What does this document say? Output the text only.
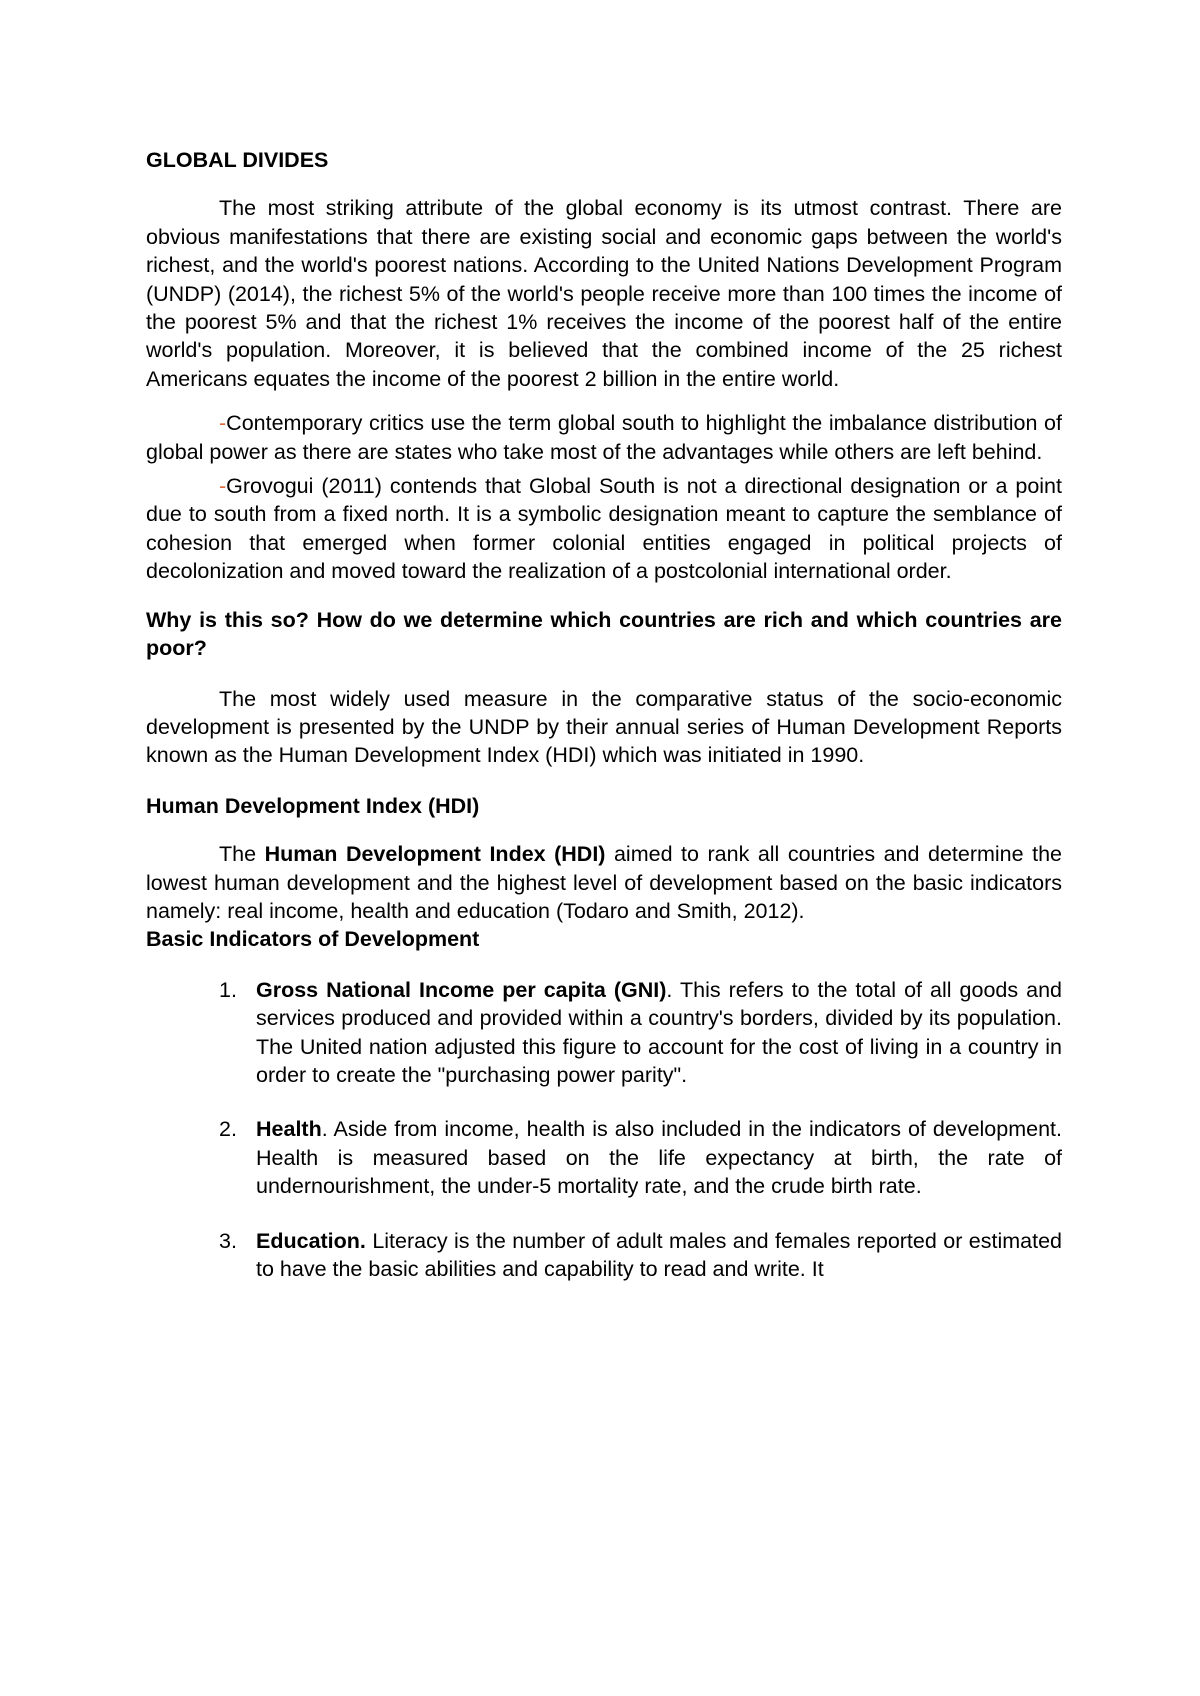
GLOBAL DIVIDES

The most striking attribute of the global economy is its utmost contrast. There are obvious manifestations that there are existing social and economic gaps between the world's richest, and the world's poorest nations. According to the United Nations Development Program (UNDP) (2014), the richest 5% of the world's people receive more than 100 times the income of the poorest 5% and that the richest 1% receives the income of the poorest half of the entire world's population. Moreover, it is believed that the combined income of the 25 richest Americans equates the income of the poorest 2 billion in the entire world.

-Contemporary critics use the term global south to highlight the imbalance distribution of global power as there are states who take most of the advantages while others are left behind.

-Grovogui (2011) contends that Global South is not a directional designation or a point due to south from a fixed north. It is a symbolic designation meant to capture the semblance of cohesion that emerged when former colonial entities engaged in political projects of decolonization and moved toward the realization of a postcolonial international order.

Why is this so? How do we determine which countries are rich and which countries are poor?

The most widely used measure in the comparative status of the socio-economic development is presented by the UNDP by their annual series of Human Development Reports known as the Human Development Index (HDI) which was initiated in 1990.

Human Development Index (HDI)

The Human Development Index (HDI) aimed to rank all countries and determine the lowest human development and the highest level of development based on the basic indicators namely: real income, health and education (Todaro and Smith, 2012).

Basic Indicators of Development

1. Gross National Income per capita (GNI). This refers to the total of all goods and services produced and provided within a country's borders, divided by its population. The United nation adjusted this figure to account for the cost of living in a country in order to create the "purchasing power parity".
2. Health. Aside from income, health is also included in the indicators of development. Health is measured based on the life expectancy at birth, the rate of undernourishment, the under-5 mortality rate, and the crude birth rate.
3. Education. Literacy is the number of adult males and females reported or estimated to have the basic abilities and capability to read and write. It
